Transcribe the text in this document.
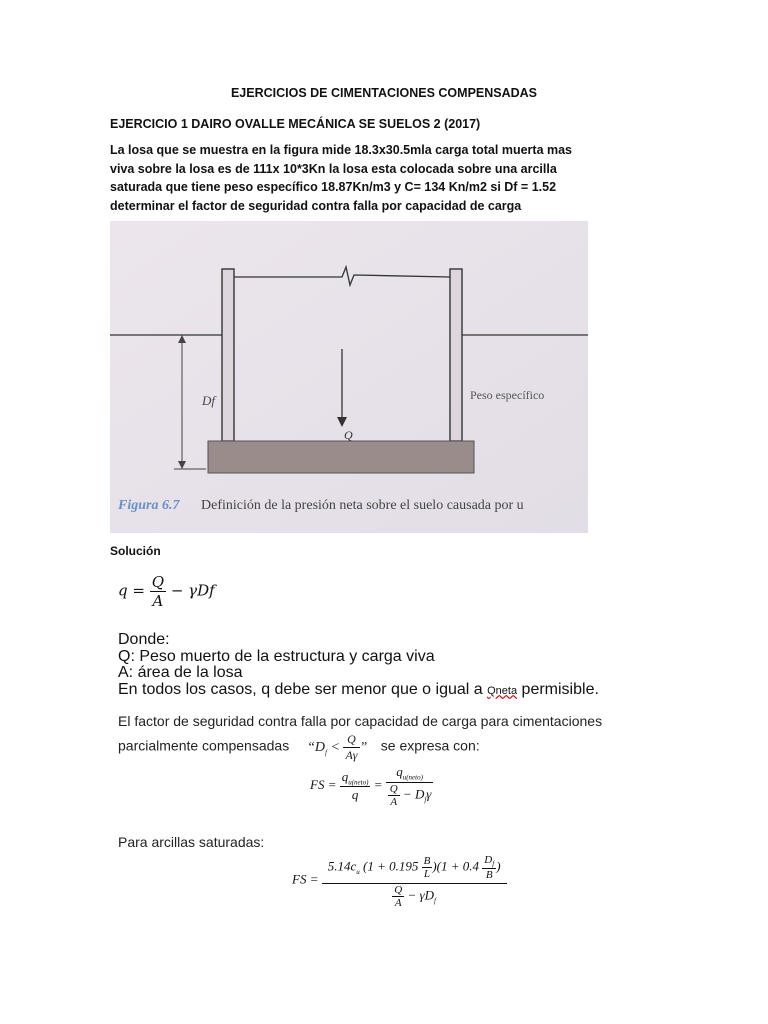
EJERCICIOS DE CIMENTACIONES COMPENSADAS
EJERCICIO 1 DAIRO OVALLE MECÁNICA SE SUELOS 2 (2017)
La losa que se muestra en la figura mide 18.3x30.5mla carga total muerta mas viva sobre la losa es de 111x 10*3Kn la losa esta colocada sobre una arcilla saturada que tiene peso específico 18.87Kn/m3 y C= 134 Kn/m2 si Df = 1.52 determinar el factor de seguridad contra falla por capacidad de carga
Df
Q
Peso específico
Figura 6.7 Definición de la presión neta sobre el suelo causada por u
Solución
$q = \frac{Q}{A} - \gamma Df$
Donde:
Q: Peso muerto de la estructura y carga viva
A: área de la losa
En todos los casos, q debe ser menor que o igual a Qneta permisible.
El factor de seguridad contra falla por capacidad de carga para cimentaciones
parcialmente compensadas “$D_f < \frac{Q}{A\gamma}$ ” se expresa con:
FS = $\frac{q_{u(neto)}}{q} = \frac{q_{u(neto)}}{\frac{Q}{A} - D_f\gamma}$
Para arcillas saturadas:
FS = $\frac{5.14c_u (1 + 0.195 \frac{B}{L} )(1 + 0.4 \frac{D_f}{B} )}{\frac{Q}{A} - \gamma D_f}$
